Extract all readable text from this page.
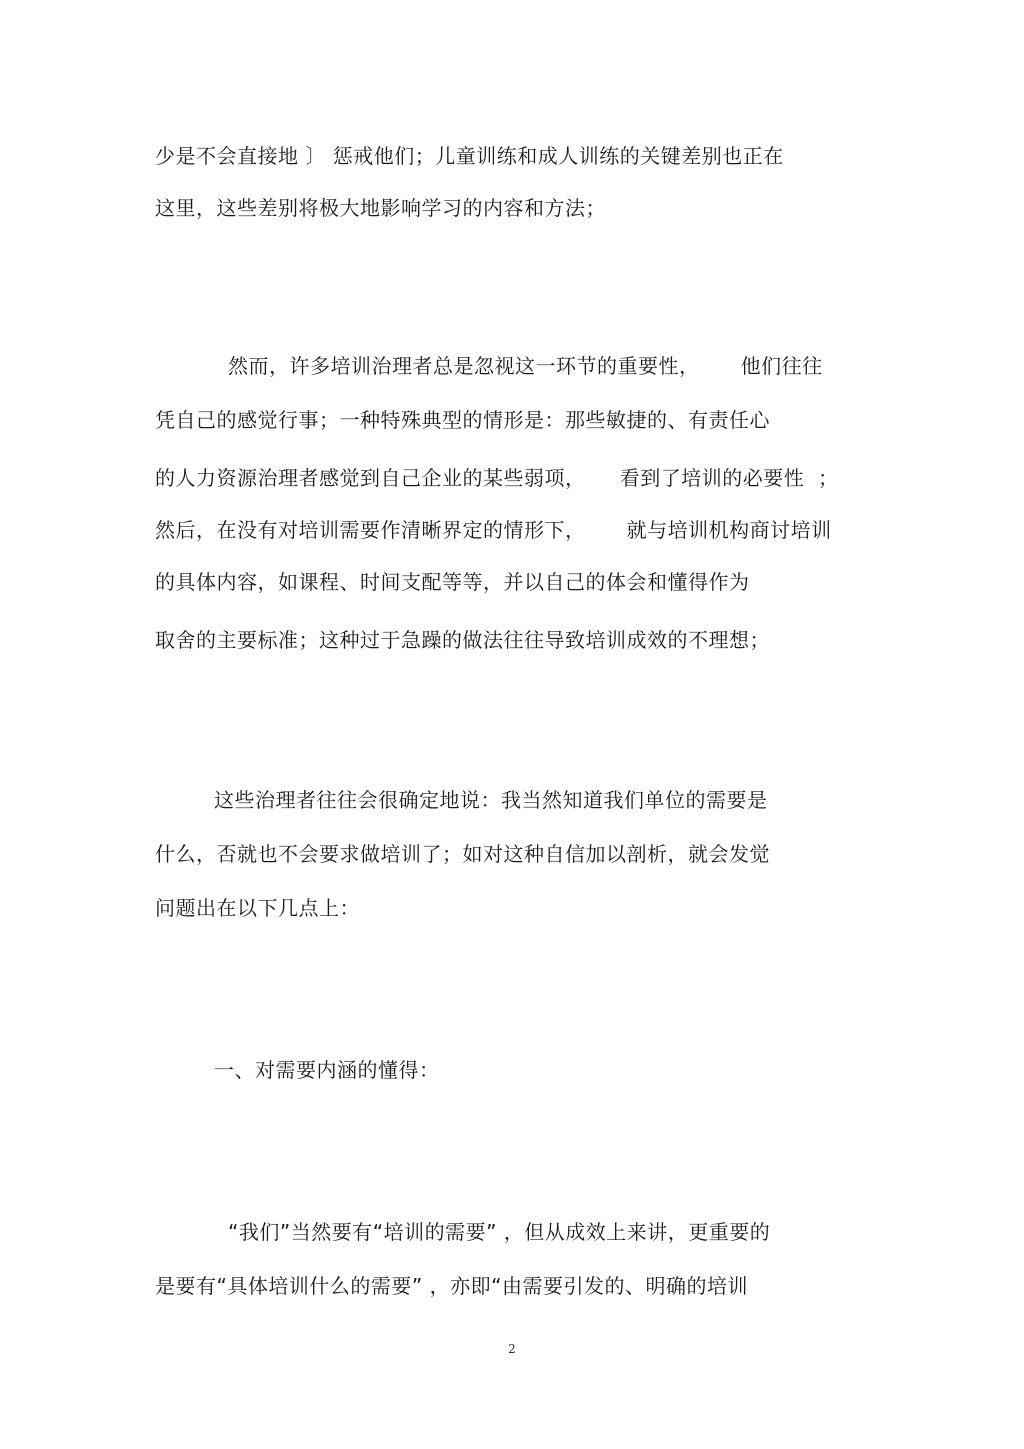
少是不会直接地 〕 惩戒他们；儿童训练和成人训练的关键差别也正在
这里，这些差别将极大地影响学习的内容和方法；
然而，许多培训治理者总是忽视这一环节的重要性，      他们往往
凭自己的感觉行事；一种特殊典型的情形是：那些敏捷的、有责任心
的人力资源治理者感觉到自己企业的某些弱项，     看到了培训的必要性  ；
然后，在没有对培训需要作清晰界定的情形下，      就与培训机构商讨培训
的具体内容，如课程、时间支配等等，并以自己的体会和懂得作为
取舍的主要标准；这种过于急躁的做法往往导致培训成效的不理想；
这些治理者往往会很确定地说：我当然知道我们单位的需要是
什么，否就也不会要求做培训了；如对这种自信加以剖析，就会发觉
问题出在以下几点上：
一、对需要内涵的懂得：
“我们”当然要有“培训的需要” ，但从成效上来讲，更重要的
是要有“具体培训什么的需要” ，亦即“由需要引发的、明确的培训
2
